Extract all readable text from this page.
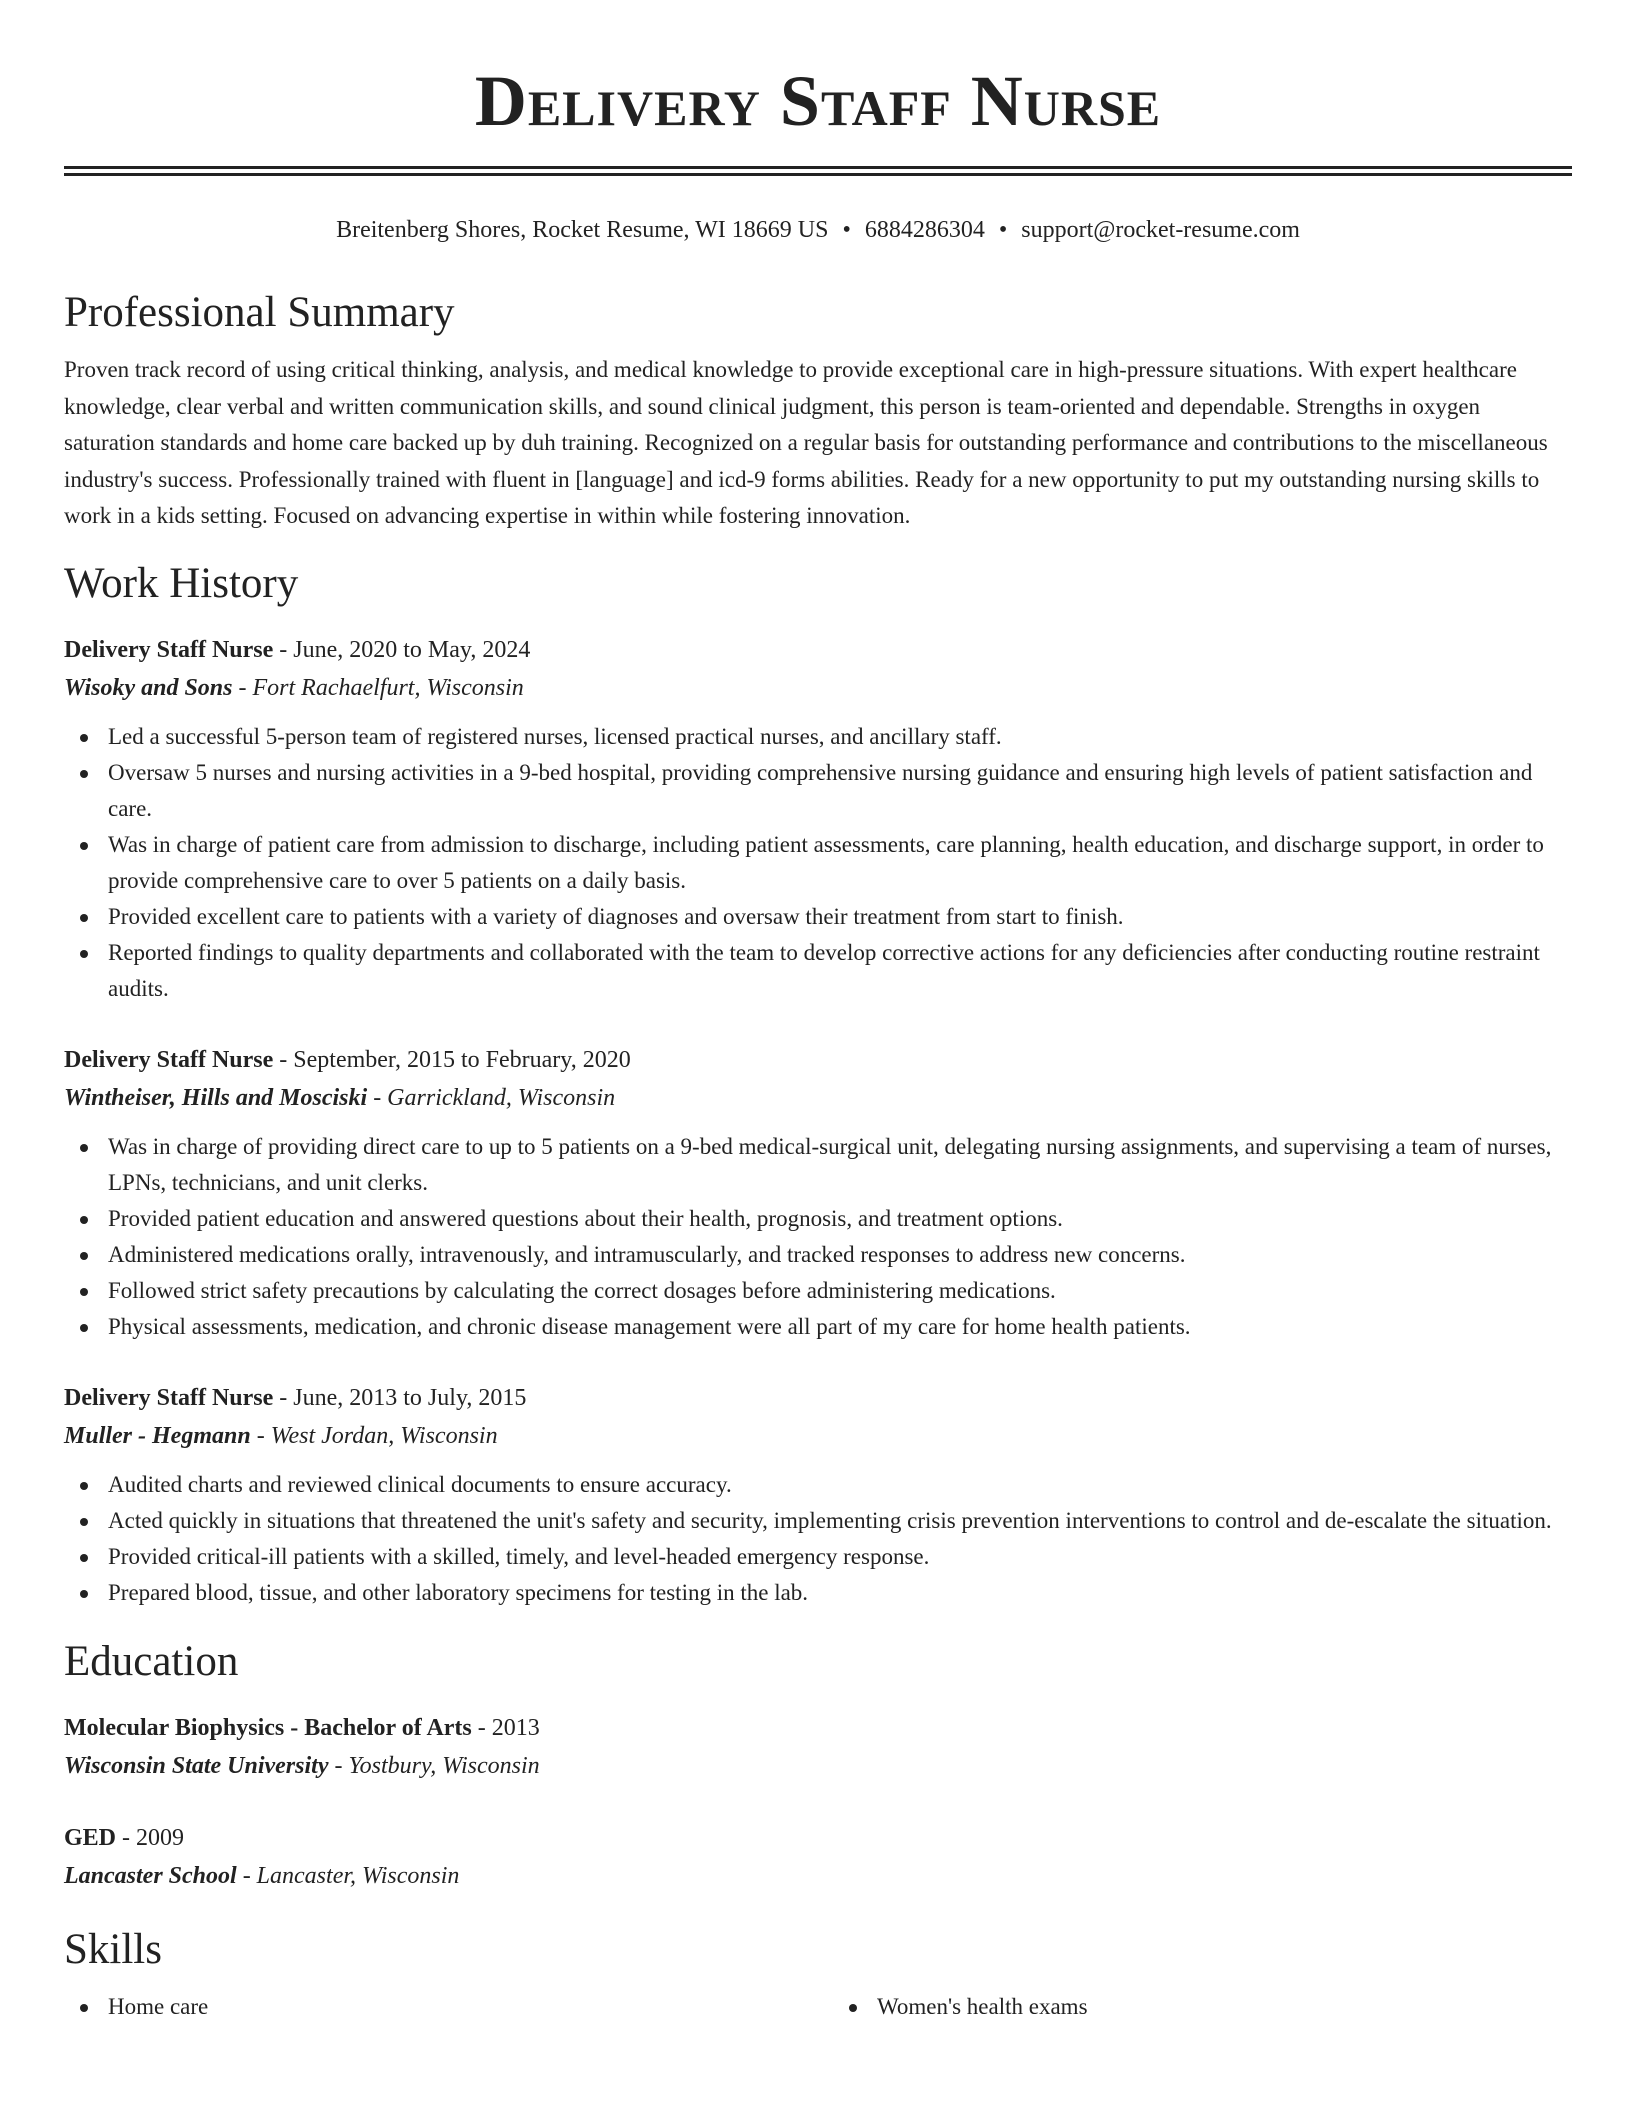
Delivery Staff Nurse
Breitenberg Shores, Rocket Resume, WI 18669 US • 6884286304 • support@rocket-resume.com
Professional Summary
Proven track record of using critical thinking, analysis, and medical knowledge to provide exceptional care in high-pressure situations. With expert healthcare knowledge, clear verbal and written communication skills, and sound clinical judgment, this person is team-oriented and dependable. Strengths in oxygen saturation standards and home care backed up by duh training. Recognized on a regular basis for outstanding performance and contributions to the miscellaneous industry's success. Professionally trained with fluent in [language] and icd-9 forms abilities. Ready for a new opportunity to put my outstanding nursing skills to work in a kids setting. Focused on advancing expertise in within while fostering innovation.
Work History
Delivery Staff Nurse - June, 2020 to May, 2024
Wisoky and Sons - Fort Rachaelfurt, Wisconsin
Led a successful 5-person team of registered nurses, licensed practical nurses, and ancillary staff.
Oversaw 5 nurses and nursing activities in a 9-bed hospital, providing comprehensive nursing guidance and ensuring high levels of patient satisfaction and care.
Was in charge of patient care from admission to discharge, including patient assessments, care planning, health education, and discharge support, in order to provide comprehensive care to over 5 patients on a daily basis.
Provided excellent care to patients with a variety of diagnoses and oversaw their treatment from start to finish.
Reported findings to quality departments and collaborated with the team to develop corrective actions for any deficiencies after conducting routine restraint audits.
Delivery Staff Nurse - September, 2015 to February, 2020
Wintheiser, Hills and Mosciski - Garrickland, Wisconsin
Was in charge of providing direct care to up to 5 patients on a 9-bed medical-surgical unit, delegating nursing assignments, and supervising a team of nurses, LPNs, technicians, and unit clerks.
Provided patient education and answered questions about their health, prognosis, and treatment options.
Administered medications orally, intravenously, and intramuscularly, and tracked responses to address new concerns.
Followed strict safety precautions by calculating the correct dosages before administering medications.
Physical assessments, medication, and chronic disease management were all part of my care for home health patients.
Delivery Staff Nurse - June, 2013 to July, 2015
Muller - Hegmann - West Jordan, Wisconsin
Audited charts and reviewed clinical documents to ensure accuracy.
Acted quickly in situations that threatened the unit's safety and security, implementing crisis prevention interventions to control and de-escalate the situation.
Provided critical-ill patients with a skilled, timely, and level-headed emergency response.
Prepared blood, tissue, and other laboratory specimens for testing in the lab.
Education
Molecular Biophysics - Bachelor of Arts - 2013
Wisconsin State University - Yostbury, Wisconsin
GED - 2009
Lancaster School - Lancaster, Wisconsin
Skills
Home care	Women's health exams
